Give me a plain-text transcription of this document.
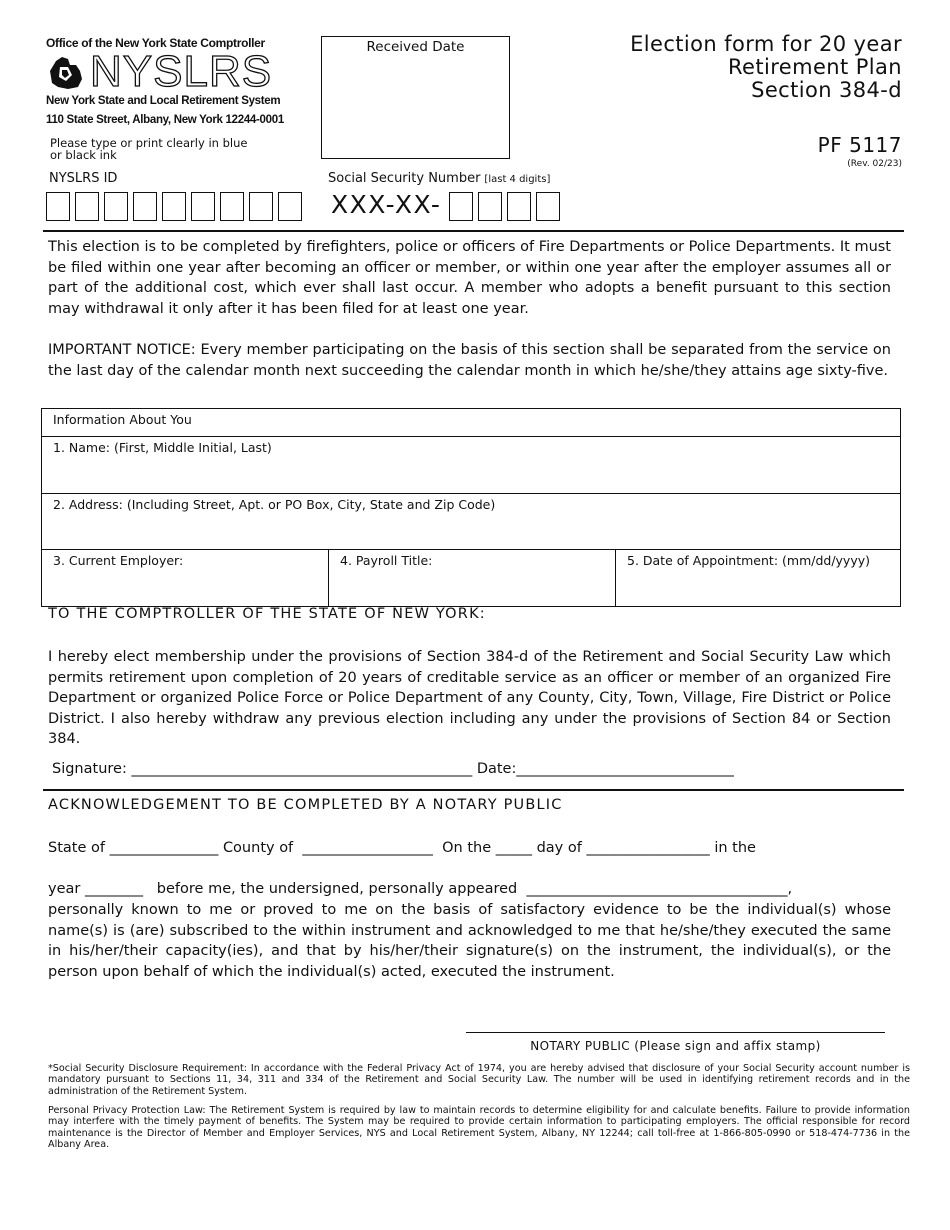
Office of the New York State Comptroller
NYSLRS
New York State and Local Retirement System
110 State Street, Albany, New York 12244-0001
Please type or print clearly in blue or black ink
Received Date	Election form for 20 year
Retirement Plan
Section 384-d
PF 5117
(Rev. 02/23)
NYSLRS ID	Social Security Number [last 4 digits]
XXX-XX-
This election is to be completed by firefighters, police or officers of Fire Departments or Police Departments. It must be filed within one year after becoming an officer or member, or within one year after the employer assumes all or part of the additional cost, which ever shall last occur. A member who adopts a benefit pursuant to this section may withdrawal it only after it has been filed for at least one year.
IMPORTANT NOTICE: Every member participating on the basis of this section shall be separated from the service on the last day of the calendar month next succeeding the calendar month in which he/she/they attains age sixty-five.
Information About You
1. Name: (First, Middle Initial, Last)
2. Address: (Including Street, Apt. or PO Box, City, State and Zip Code)
3. Current Employer:	4. Payroll Title:	5. Date of Appointment: (mm/dd/yyyy)
TO THE COMPTROLLER OF THE STATE OF NEW YORK:
I hereby elect membership under the provisions of Section 384-d of the Retirement and Social Security Law which permits retirement upon completion of 20 years of creditable service as an officer or member of an organized Fire Department or organized Police Force or Police Department of any County, City, Town, Village, Fire District or Police District. I also hereby withdraw any previous election including any under the provisions of Section 84 or Section 384.
Signature: _______________________________________________ Date:______________________________
ACKNOWLEDGEMENT TO BE COMPLETED BY A NOTARY PUBLIC
State of _______________ County of  __________________  On the _____ day of _________________ in the
year ________   before me, the undersigned, personally appeared  ____________________________________,
personally known to me or proved to me on the basis of satisfactory evidence to be the individual(s) whose name(s) is (are) subscribed to the within instrument and acknowledged to me that he/she/they executed the same in his/her/their capacity(ies), and that by his/her/their signature(s) on the instrument, the individual(s), or the person upon behalf of which the individual(s) acted, executed the instrument.
NOTARY PUBLIC (Please sign and affix stamp)
*Social Security Disclosure Requirement: In accordance with the Federal Privacy Act of 1974, you are hereby advised that disclosure of your Social Security account number is mandatory pursuant to Sections 11, 34, 311 and 334 of the Retirement and Social Security Law. The number will be used in identifying retirement records and in the administration of the Retirement System.
Personal Privacy Protection Law: The Retirement System is required by law to maintain records to determine eligibility for and calculate benefits. Failure to provide information may interfere with the timely payment of benefits. The System may be required to provide certain information to participating employers. The official responsible for record maintenance is the Director of Member and Employer Services, NYS and Local Retirement System, Albany, NY 12244; call toll-free at 1-866-805-0990 or 518-474-7736 in the Albany Area.
